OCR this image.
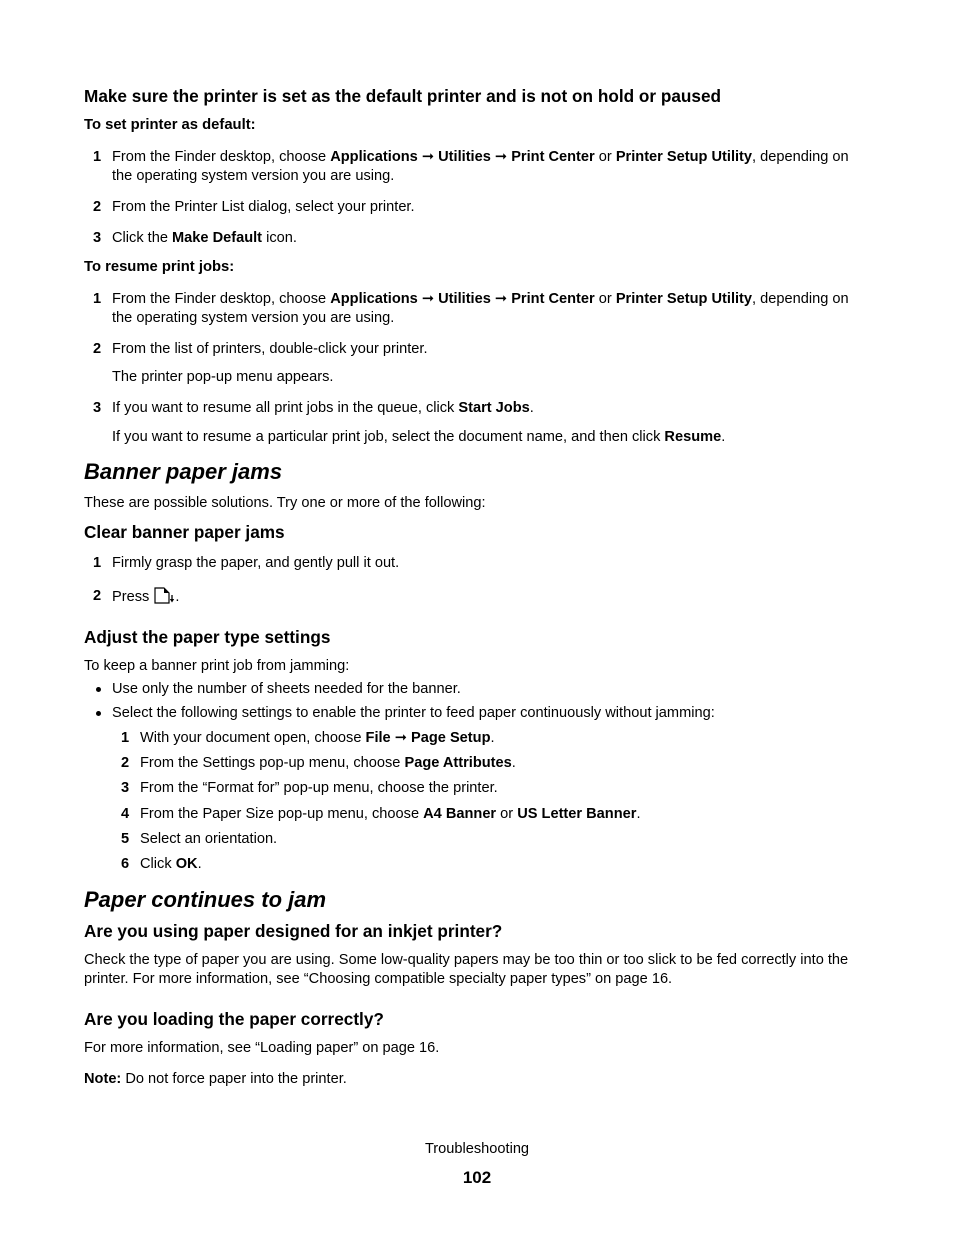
Make sure the printer is set as the default printer and is not on hold or paused
To set printer as default:
1 From the Finder desktop, choose Applications ➞ Utilities ➞ Print Center or Printer Setup Utility, depending on the operating system version you are using.
2 From the Printer List dialog, select your printer.
3 Click the Make Default icon.
To resume print jobs:
1 From the Finder desktop, choose Applications ➞ Utilities ➞ Print Center or Printer Setup Utility, depending on the operating system version you are using.
2 From the list of printers, double-click your printer.
The printer pop-up menu appears.
3 If you want to resume all print jobs in the queue, click Start Jobs.
If you want to resume a particular print job, select the document name, and then click Resume.
Banner paper jams
These are possible solutions. Try one or more of the following:
Clear banner paper jams
1 Firmly grasp the paper, and gently pull it out.
2 Press .
Adjust the paper type settings
To keep a banner print job from jamming:
Use only the number of sheets needed for the banner.
Select the following settings to enable the printer to feed paper continuously without jamming:
1 With your document open, choose File ➞ Page Setup.
2 From the Settings pop-up menu, choose Page Attributes.
3 From the “Format for” pop-up menu, choose the printer.
4 From the Paper Size pop-up menu, choose A4 Banner or US Letter Banner.
5 Select an orientation.
6 Click OK.
Paper continues to jam
Are you using paper designed for an inkjet printer?
Check the type of paper you are using. Some low-quality papers may be too thin or too slick to be fed correctly into the printer. For more information, see “Choosing compatible specialty paper types” on page 16.
Are you loading the paper correctly?
For more information, see “Loading paper” on page 16.
Note: Do not force paper into the printer.
Troubleshooting
102
